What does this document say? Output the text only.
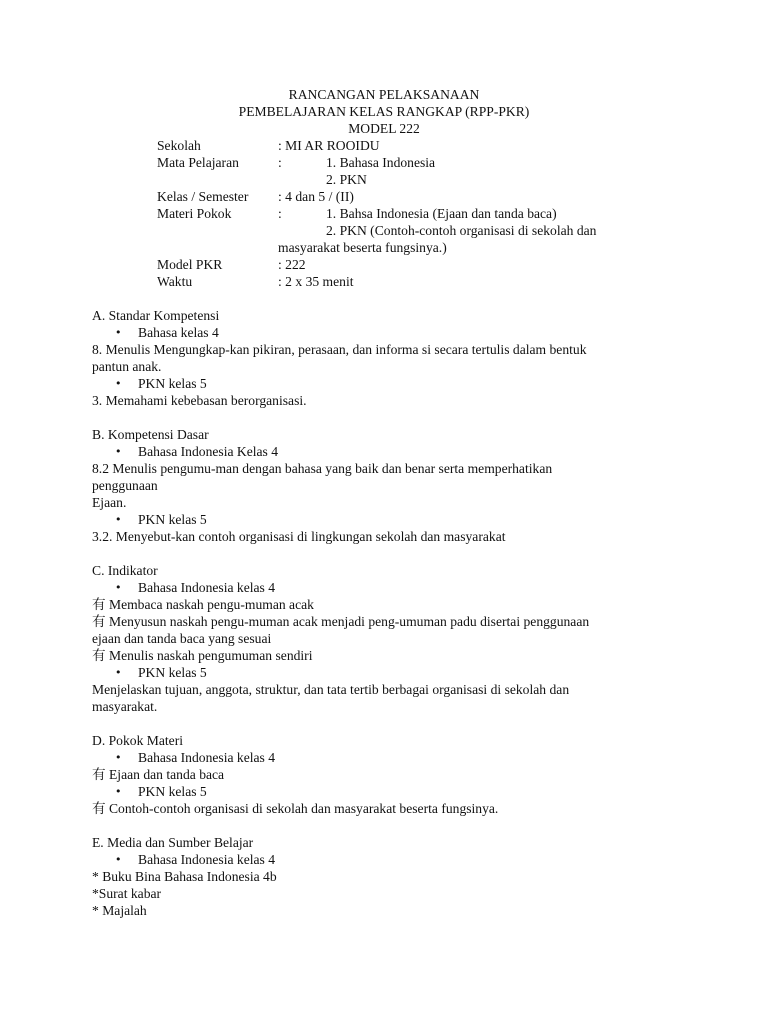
RANCANGAN PELAKSANAAN
PEMBELAJARAN KELAS RANGKAP (RPP-PKR)
MODEL 222
Sekolah	: MI AR ROOIDU
Mata Pelajaran	:	1. Bahasa Indonesia
2. PKN
Kelas / Semester : 4 dan 5 / (II)
Materi Pokok	:	1. Bahsa Indonesia (Ejaan dan tanda baca)
2. PKN (Contoh-contoh organisasi di sekolah dan
masyarakat beserta fungsinya.)
Model PKR	: 222
Waktu	: 2 x 35 menit
A. Standar Kompetensi
• Bahasa kelas 4
8. Menulis Mengungkap-kan pikiran, perasaan, dan informa si secara tertulis dalam bentuk
pantun anak.
• PKN kelas 5
3. Memahami kebebasan berorganisasi.
B. Kompetensi Dasar
• Bahasa Indonesia Kelas 4
8.2 Menulis pengumu-man dengan bahasa yang baik dan benar serta memperhatikan
penggunaan
Ejaan.
• PKN kelas 5
3.2. Menyebut-kan contoh organisasi di lingkungan sekolah dan masyarakat
C. Indikator
• Bahasa Indonesia kelas 4
有 Membaca naskah pengu-muman acak
有 Menyusun naskah pengu-muman acak menjadi peng-umuman padu disertai penggunaan
ejaan dan tanda baca yang sesuai
有 Menulis naskah pengumuman sendiri
• PKN kelas 5
Menjelaskan tujuan, anggota, struktur, dan tata tertib berbagai organisasi di sekolah dan
masyarakat.
D. Pokok Materi
• Bahasa Indonesia kelas 4
有 Ejaan dan tanda baca
• PKN kelas 5
有 Contoh-contoh organisasi di sekolah dan masyarakat beserta fungsinya.
E. Media dan Sumber Belajar
• Bahasa Indonesia kelas 4
* Buku Bina Bahasa Indonesia 4b
*Surat kabar
* Majalah
